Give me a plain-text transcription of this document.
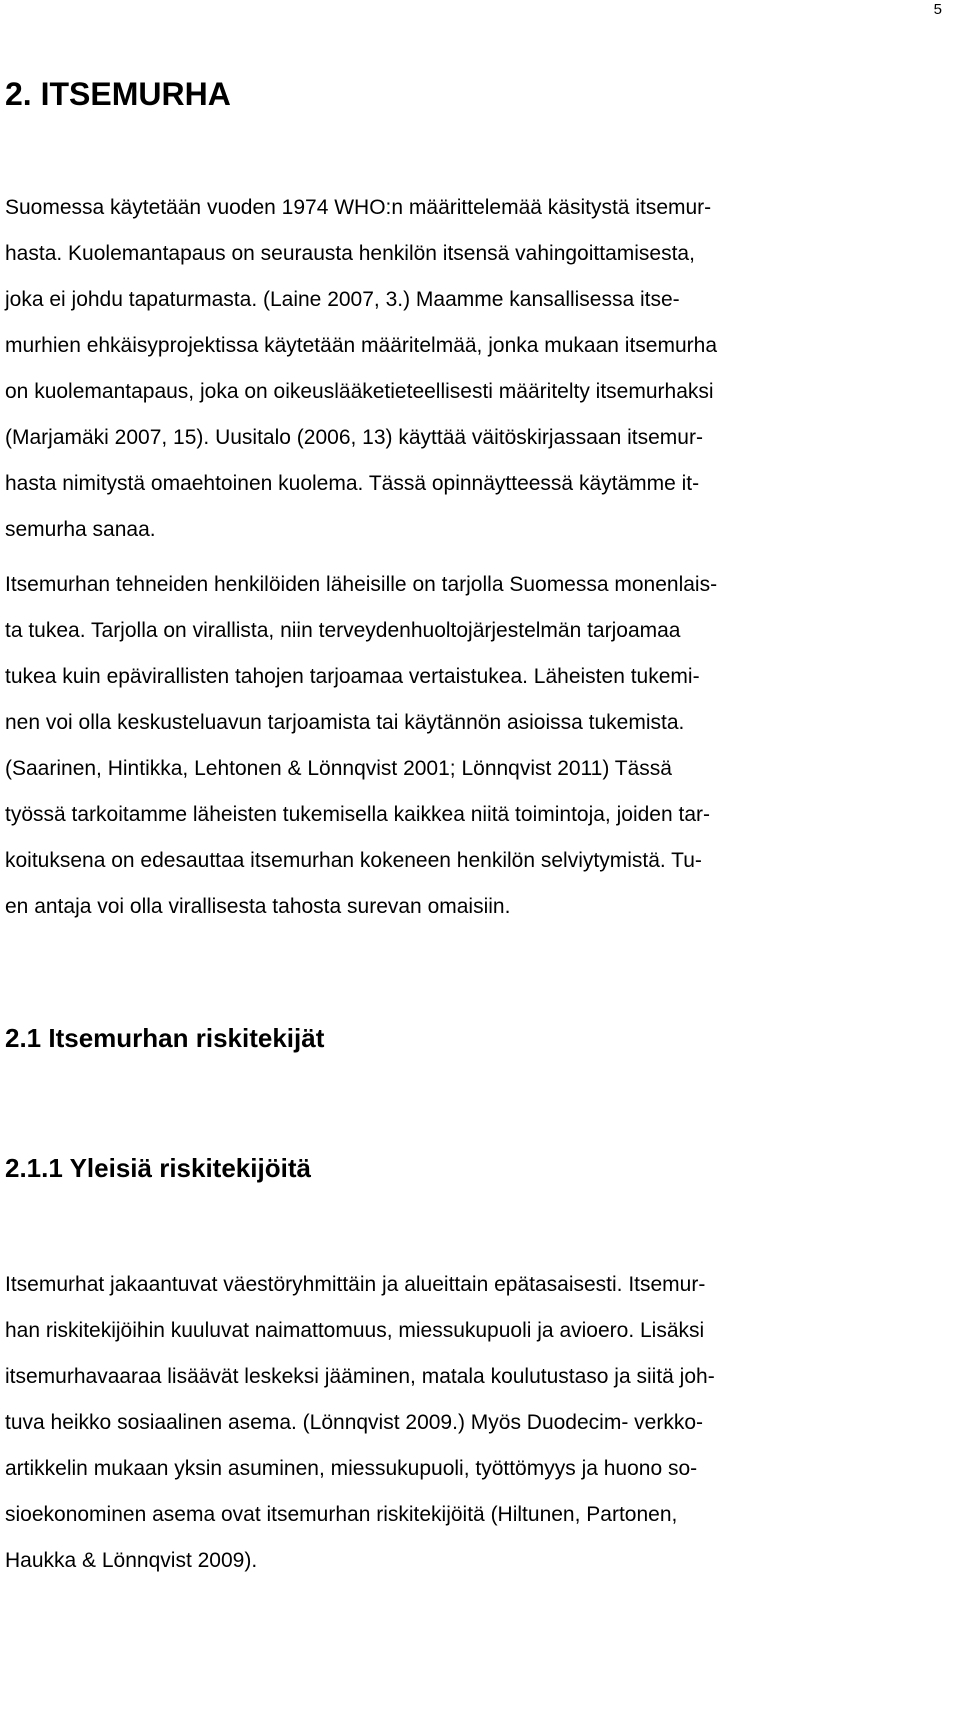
5
2. ITSEMURHA
Suomessa käytetään vuoden 1974 WHO:n määrittelemää käsitystä itsemur-
hasta. Kuolemantapaus on seurausta henkilön itsensä vahingoittamisesta,
joka ei johdu tapaturmasta. (Laine 2007, 3.) Maamme kansallisessa itse-
murhien ehkäisyprojektissa käytetään määritelmää, jonka mukaan itsemurha
on kuolemantapaus, joka on oikeuslääketieteellisesti määritelty itsemurhaksi
(Marjamäki 2007, 15). Uusitalo (2006, 13) käyttää väitöskirjassaan itsemur-
hasta nimitystä omaehtoinen kuolema. Tässä opinnäytteessä käytämme it-
semurha sanaa.
Itsemurhan tehneiden henkilöiden läheisille on tarjolla Suomessa monenlais-
ta tukea. Tarjolla on virallista, niin terveydenhuoltojärjestelmän tarjoamaa
tukea kuin epävirallisten tahojen tarjoamaa vertaistukea. Läheisten tukemi-
nen voi olla keskusteluavun tarjoamista tai käytännön asioissa tukemista.
(Saarinen, Hintikka, Lehtonen & Lönnqvist 2001; Lönnqvist 2011) Tässä
työssä tarkoitamme läheisten tukemisella kaikkea niitä toimintoja, joiden tar-
koituksena on edesauttaa itsemurhan kokeneen henkilön selviytymistä. Tu-
en antaja voi olla virallisesta tahosta surevan omaisiin.
2.1 Itsemurhan riskitekijät
2.1.1 Yleisiä riskitekijöitä
Itsemurhat jakaantuvat väestöryhmittäin ja alueittain epätasaisesti. Itsemur-
han riskitekijöihin kuuluvat naimattomuus, miessukupuoli ja avioero. Lisäksi
itsemurhavaaraa lisäävät leskeksi jääminen, matala koulutustaso ja siitä joh-
tuva heikko sosiaalinen asema. (Lönnqvist 2009.) Myös Duodecim- verkko-
artikkelin mukaan yksin asuminen, miessukupuoli, työttömyys ja huono so-
sioekonominen asema ovat itsemurhan riskitekijöitä (Hiltunen, Partonen,
Haukka & Lönnqvist 2009).
